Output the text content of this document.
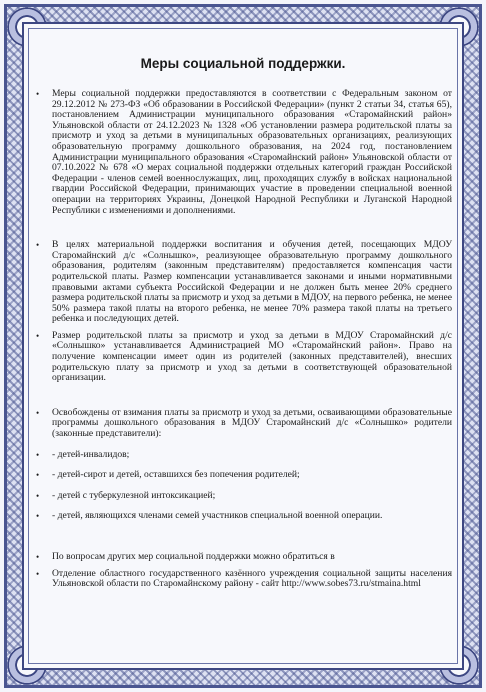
Меры социальной поддержки.
• Меры социальной поддержки предоставляются в соответствии с Федеральным законом от 29.12.2012 № 273-ФЗ «Об образовании в Российской Федерации» (пункт 2 статьи 34, статья 65), постановлением Администрации муниципального образования «Старомайнский район» Ульяновской области от 24.12.2023 № 1328 «Об установлении размера родительской платы за присмотр и уход за детьми в муниципальных образовательных организациях, реализующих образовательную программу дошкольного образования, на 2024 год, постановлением Администрации муниципального образования «Старомайнский район» Ульяновской области от 07.10.2022 № 678 «О мерах социальной поддержки отдельных категорий граждан Российской Федерации - членов семей военнослужащих, лиц, проходящих службу в войсках национальной гвардии Российской Федерации, принимающих участие в проведении специальной военной операции на территориях Украины, Донецкой Народной Республики и Луганской Народной Республики с изменениями и дополнениями.
• В целях материальной поддержки воспитания и обучения детей, посещающих МДОУ Старомайнский д/с «Солнышко», реализующее образовательную программу дошкольного образования, родителям (законным представителям) предоставляется компенсация части родительской платы. Размер компенсации устанавливается законами и иными нормативными правовыми актами субъекта Российской Федерации и не должен быть менее 20% среднего размера родительской платы за присмотр и уход за детьми в МДОУ, на первого ребенка, не менее 50% размера такой платы на второго ребенка, не менее 70% размера такой платы на третьего ребенка и последующих детей.
• Размер родительской платы за присмотр и уход за детьми в МДОУ Старомайнский д/с «Солнышко» устанавливается Администрацией МО «Старомайнский район». Право на получение компенсации имеет один из родителей (законных представителей), внесших родительскую плату за присмотр и уход за детьми в соответствующей образовательной организации.
• Освобождены от взимания платы за присмотр и уход за детьми, осваивающими образовательные программы дошкольного образования в МДОУ Старомайнский д/с «Солнышко» родители (законные представители):
• - детей-инвалидов;
• - детей-сирот и детей, оставшихся без попечения родителей;
• - детей с туберкулезной интоксикацией;
• - детей, являющихся членами семей участников специальной военной операции.
• По вопросам других мер социальной поддержки можно обратиться в
• Отделение областного государственного казённого учреждения социальной защиты населения Ульяновской области по Старомайнскому району - сайт http://www.sobes73.ru/stmaina.html
